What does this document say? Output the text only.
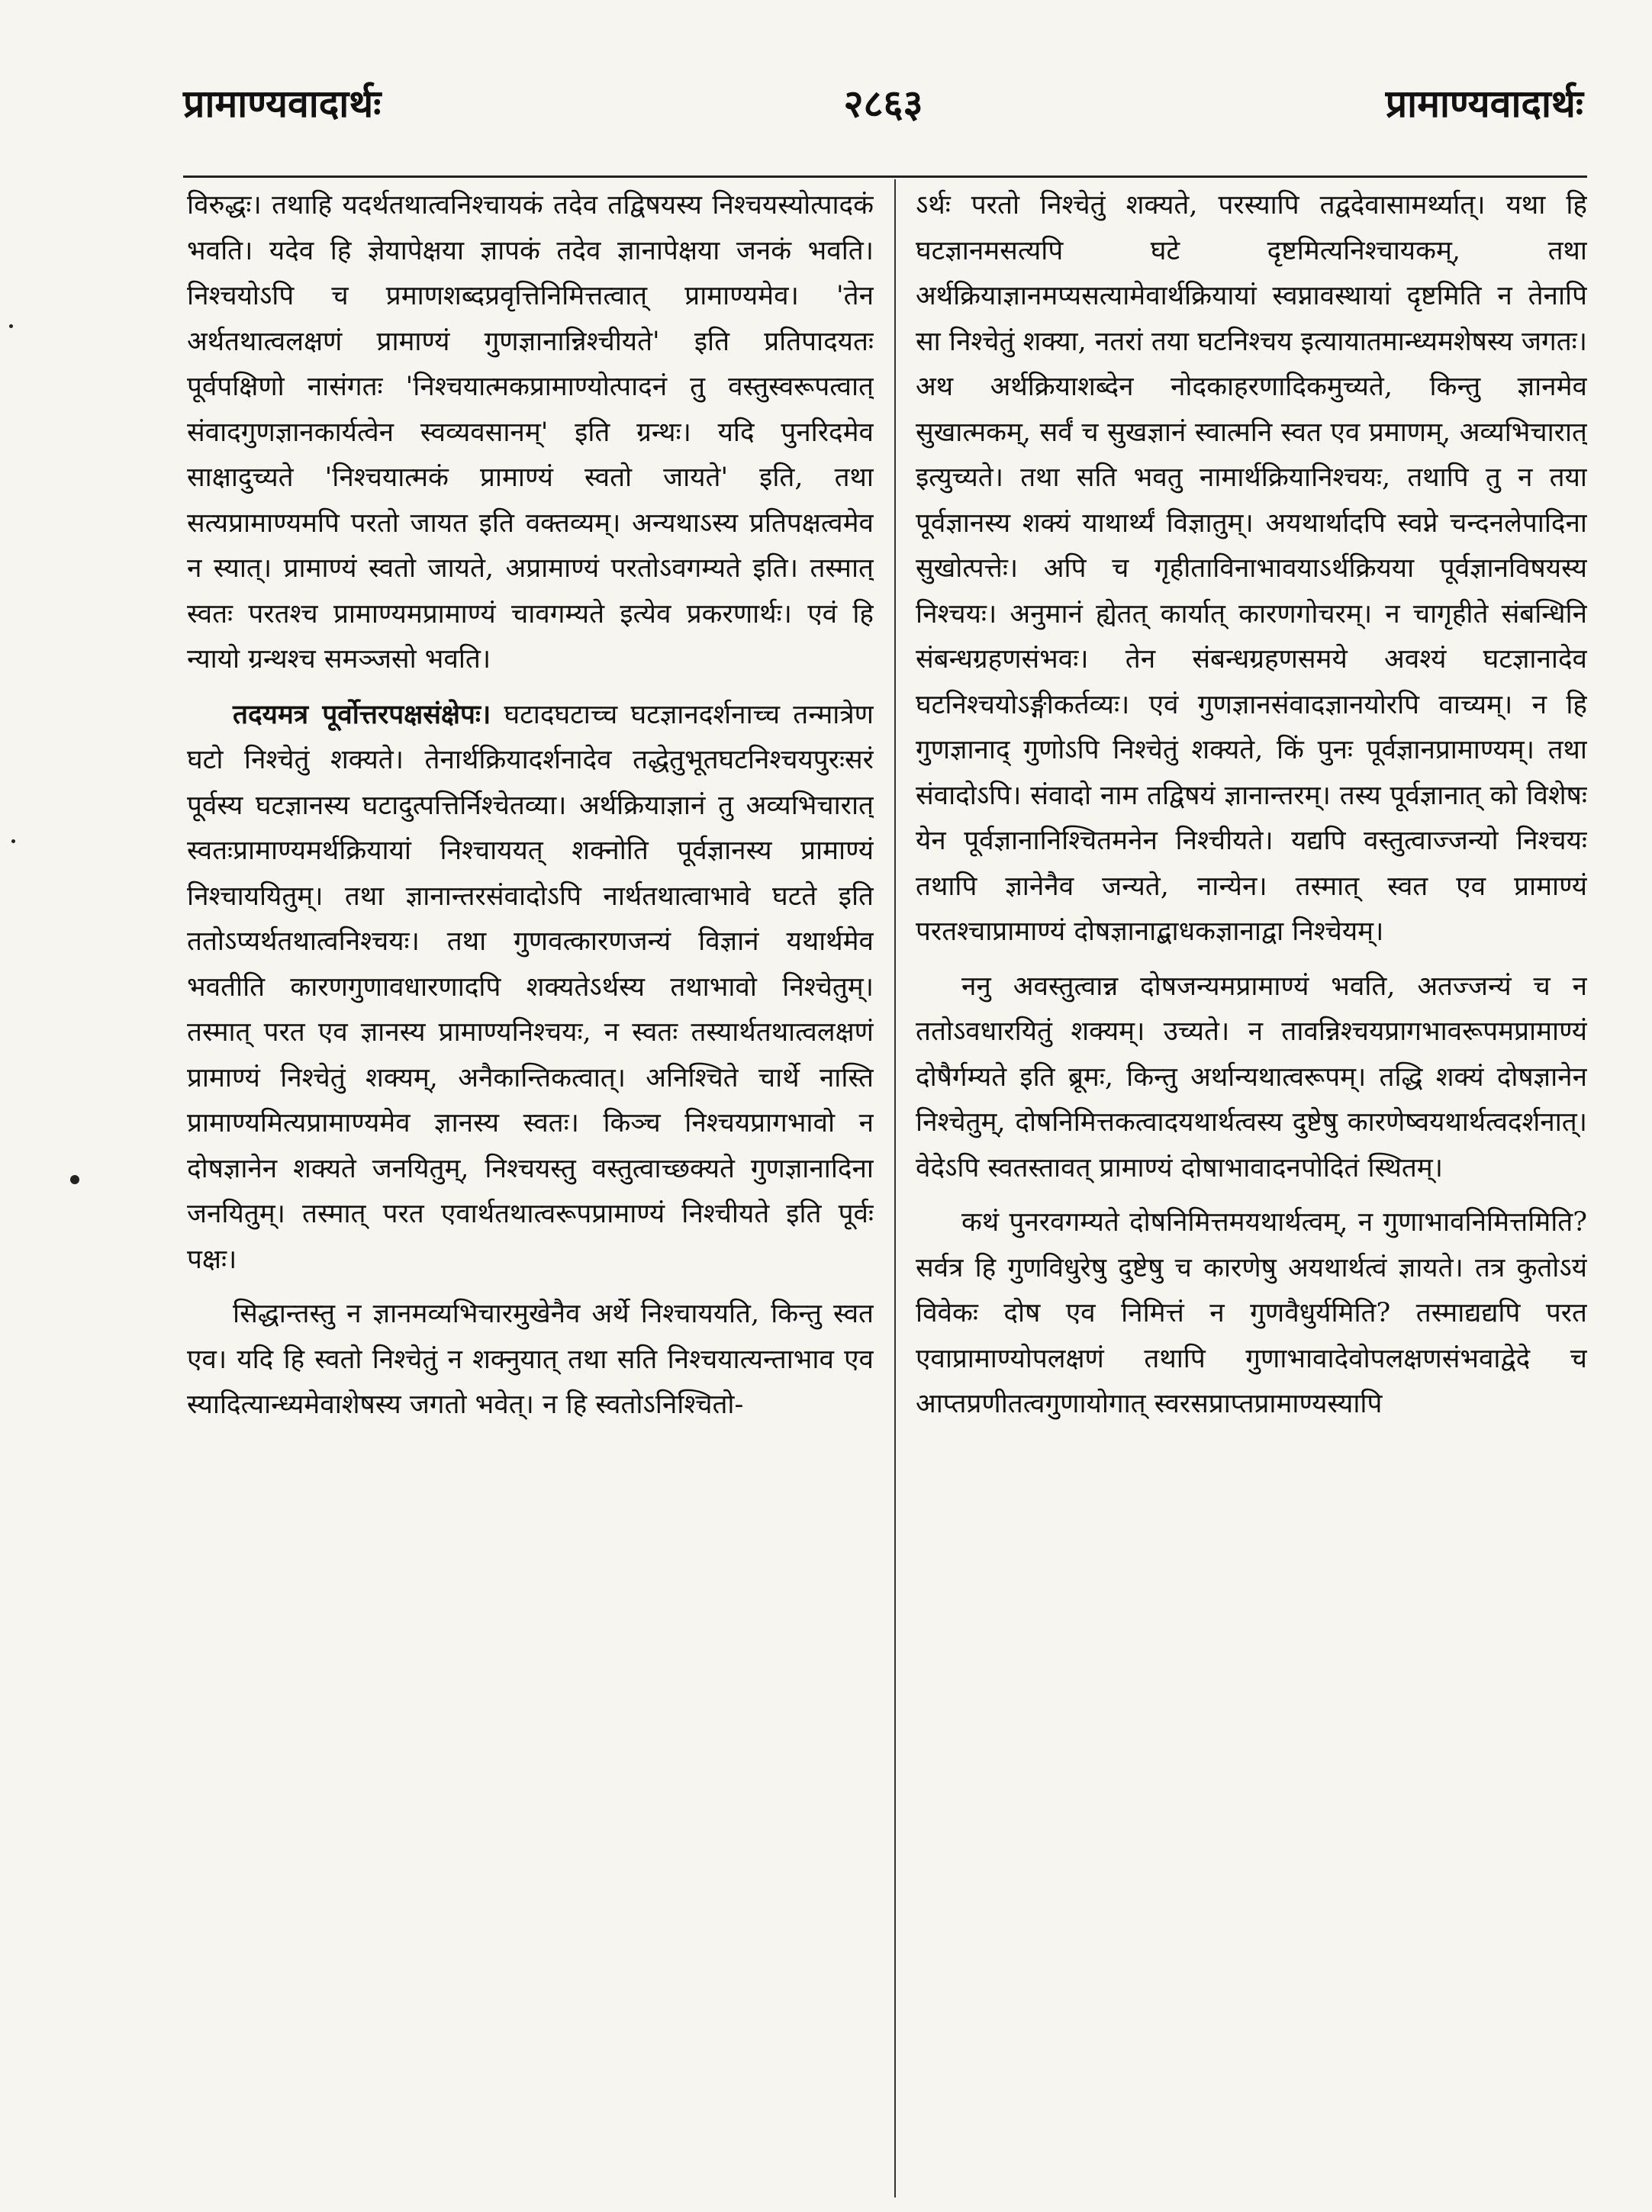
प्रामाण्यवादार्थः	२८६३	प्रामाण्यवादार्थः

विरुद्धः। तथाहि यदर्थतथात्वनिश्चायकं तदेव तद्विषयस्य निश्चयस्योत्पादकं भवति। यदेव हि ज्ञेयापेक्षया ज्ञापकं तदेव ज्ञानापेक्षया जनकं भवति। निश्चयोऽपि च प्रमाणशब्दप्रवृत्तिनिमित्तत्वात् प्रामाण्यमेव। 'तेन अर्थतथात्वलक्षणं प्रामाण्यं गुणज्ञानान्निश्चीयते' इति प्रतिपादयतः पूर्वपक्षिणो नासंगतः 'निश्चयात्मकप्रामाण्योत्पादनं तु वस्तुस्वरूपत्वात् संवादगुणज्ञानकार्यत्वेन स्वव्यवसानम्' इति ग्रन्थः। यदि पुनरिदमेव साक्षादुच्यते 'निश्चयात्मकं प्रामाण्यं स्वतो जायते' इति, तथा सत्यप्रामाण्यमपि परतो जायत इति वक्तव्यम्। अन्यथाऽस्य प्रतिपक्षत्वमेव न स्यात्। प्रामाण्यं स्वतो जायते, अप्रामाण्यं परतोऽवगम्यते इति। तस्मात् स्वतः परतश्च प्रामाण्यमप्रामाण्यं चावगम्यते इत्येव प्रकरणार्थः। एवं हि न्यायो ग्रन्थश्च समञ्जसो भवति।

तदयमत्र पूर्वोत्तरपक्षसंक्षेपः। घटादघटाच्च घटज्ञानदर्शनाच्च तन्मात्रेण घटो निश्चेतुं शक्यते। तेनार्थक्रियादर्शनादेव तद्धेतुभूतघटनिश्चयपुरःसरं पूर्वस्य घटज्ञानस्य घटादुत्पत्तिर्निश्चेतव्या। अर्थक्रियाज्ञानं तु अव्यभिचारात् स्वतःप्रामाण्यमर्थक्रियायां निश्चाययत् शक्नोति पूर्वज्ञानस्य प्रामाण्यं निश्चाययितुम्। तथा ज्ञानान्तरसंवादोऽपि नार्थतथात्वाभावे घटते इति ततोऽप्यर्थतथात्वनिश्चयः। तथा गुणवत्कारणजन्यं विज्ञानं यथार्थमेव भवतीति कारणगुणावधारणादपि शक्यतेऽर्थस्य तथाभावो निश्चेतुम्। तस्मात् परत एव ज्ञानस्य प्रामाण्यनिश्चयः, न स्वतः तस्यार्थतथात्वलक्षणं प्रामाण्यं निश्चेतुं शक्यम्, अनैकान्तिकत्वात्। अनिश्चिते चार्थे नास्ति प्रामाण्यमित्यप्रामाण्यमेव ज्ञानस्य स्वतः। किञ्च निश्चयप्रागभावो न दोषज्ञानेन शक्यते जनयितुम्, निश्चयस्तु वस्तुत्वाच्छक्यते गुणज्ञानादिना जनयितुम्। तस्मात् परत एवार्थतथात्वरूपप्रामाण्यं निश्चीयते इति पूर्वः पक्षः।

सिद्धान्तस्तु न ज्ञानमव्यभिचारमुखेनैव अर्थे निश्चाययति, किन्तु स्वत एव। यदि हि स्वतो निश्चेतुं न शक्नुयात् तथा सति निश्चयात्यन्ताभाव एव स्यादित्यान्ध्यमेवाशेषस्य जगतो भवेत्। न हि स्वतोऽनिश्चितो-

ऽर्थः परतो निश्चेतुं शक्यते, परस्यापि तद्वदेवासामर्थ्यात्। यथा हि घटज्ञानमसत्यपि घटे दृष्टमित्यनिश्चायकम्, तथा अर्थक्रियाज्ञानमप्यसत्यामेवार्थक्रियायां स्वप्नावस्थायां दृष्टमिति न तेनापि सा निश्चेतुं शक्या, नतरां तया घटनिश्चय इत्यायातमान्ध्यमशेषस्य जगतः। अथ अर्थक्रियाशब्देन नोदकाहरणादिकमुच्यते, किन्तु ज्ञानमेव सुखात्मकम्, सर्वं च सुखज्ञानं स्वात्मनि स्वत एव प्रमाणम्, अव्यभिचारात् इत्युच्यते। तथा सति भवतु नामार्थक्रियानिश्चयः, तथापि तु न तया पूर्वज्ञानस्य शक्यं याथार्थ्यं विज्ञातुम्। अयथार्थादपि स्वप्ने चन्दनलेपादिना सुखोत्पत्तेः। अपि च गृहीताविनाभावयाऽर्थक्रियया पूर्वज्ञानविषयस्य निश्चयः। अनुमानं ह्येतत् कार्यात् कारणगोचरम्। न चागृहीते संबन्धिनि संबन्धग्रहणसंभवः। तेन संबन्धग्रहणसमये अवश्यं घटज्ञानादेव घटनिश्चयोऽङ्गीकर्तव्यः। एवं गुणज्ञानसंवादज्ञानयोरपि वाच्यम्। न हि गुणज्ञानाद् गुणोऽपि निश्चेतुं शक्यते, किं पुनः पूर्वज्ञानप्रामाण्यम्। तथा संवादोऽपि। संवादो नाम तद्विषयं ज्ञानान्तरम्। तस्य पूर्वज्ञानात् को विशेषः येन पूर्वज्ञानानिश्चितमनेन निश्चीयते। यद्यपि वस्तुत्वाज्जन्यो निश्चयः तथापि ज्ञानेनैव जन्यते, नान्येन। तस्मात् स्वत एव प्रामाण्यं परतश्चाप्रामाण्यं दोषज्ञानाद्बाधकज्ञानाद्वा निश्चेयम्।

ननु अवस्तुत्वान्न दोषजन्यमप्रामाण्यं भवति, अतज्जन्यं च न ततोऽवधारयितुं शक्यम्। उच्यते। न तावन्निश्चयप्रागभावरूपमप्रामाण्यं दोषैर्गम्यते इति ब्रूमः, किन्तु अर्थान्यथात्वरूपम्। तद्धि शक्यं दोषज्ञानेन निश्चेतुम्, दोषनिमित्तकत्वादयथार्थत्वस्य दुष्टेषु कारणेष्वयथार्थत्वदर्शनात्। वेदेऽपि स्वतस्तावत् प्रामाण्यं दोषाभावादनपोदितं स्थितम्।

कथं पुनरवगम्यते दोषनिमित्तमयथार्थत्वम्, न गुणाभावनिमित्तमिति? सर्वत्र हि गुणविधुरेषु दुष्टेषु च कारणेषु अयथार्थत्वं ज्ञायते। तत्र कुतोऽयं विवेकः दोष एव निमित्तं न गुणवैधुर्यमिति? तस्माद्यद्यपि परत एवाप्रामाण्योपलक्षणं तथापि गुणाभावादेवोपलक्षणसंभवाद्वेदे च आप्तप्रणीतत्वगुणायोगात् स्वरसप्राप्तप्रामाण्यस्यापि
